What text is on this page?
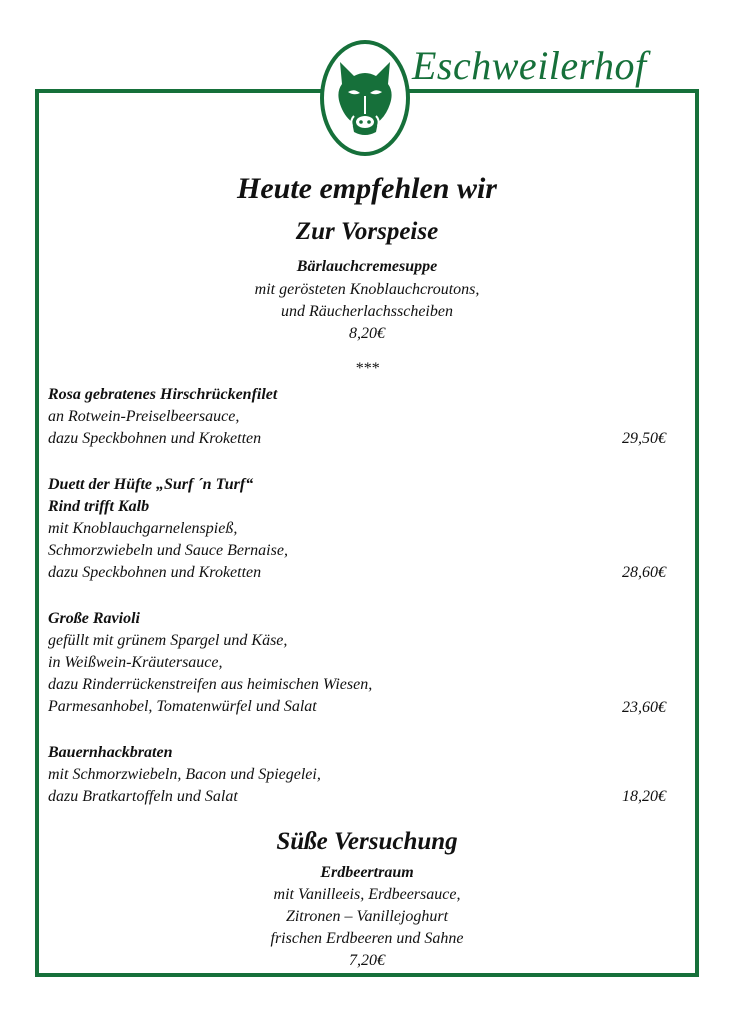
Eschweilerhof
Heute empfehlen wir
Zur Vorspeise
Bärlauchcremesuppe
mit gerösteten Knoblauchcroutons,
und Räucherlachsscheiben
8,20€
***
Rosa gebratenes Hirschrückenfilet
an Rotwein-Preiselbeersauce,
dazu Speckbohnen und Kroketten	29,50€
Duett der Hüfte „Surf ´n Turf“
Rind trifft Kalb
mit Knoblauchgarnelenspieß,
Schmorzwiebeln und Sauce Bernaise,
dazu Speckbohnen und Kroketten	28,60€
Große Ravioli
gefüllt mit grünem Spargel und Käse,
in Weißwein-Kräutersauce,
dazu Rinderrückenstreifen aus heimischen Wiesen,
Parmesanhobel, Tomatenwürfel und Salat	23,60€
Bauernhackbraten
mit Schmorzwiebeln, Bacon und Spiegelei,
dazu Bratkartoffeln und Salat	18,20€
Süße Versuchung
Erdbeertraum
mit Vanilleeis, Erdbeersauce,
Zitronen – Vanillejoghurt
frischen Erdbeeren und Sahne
7,20€
